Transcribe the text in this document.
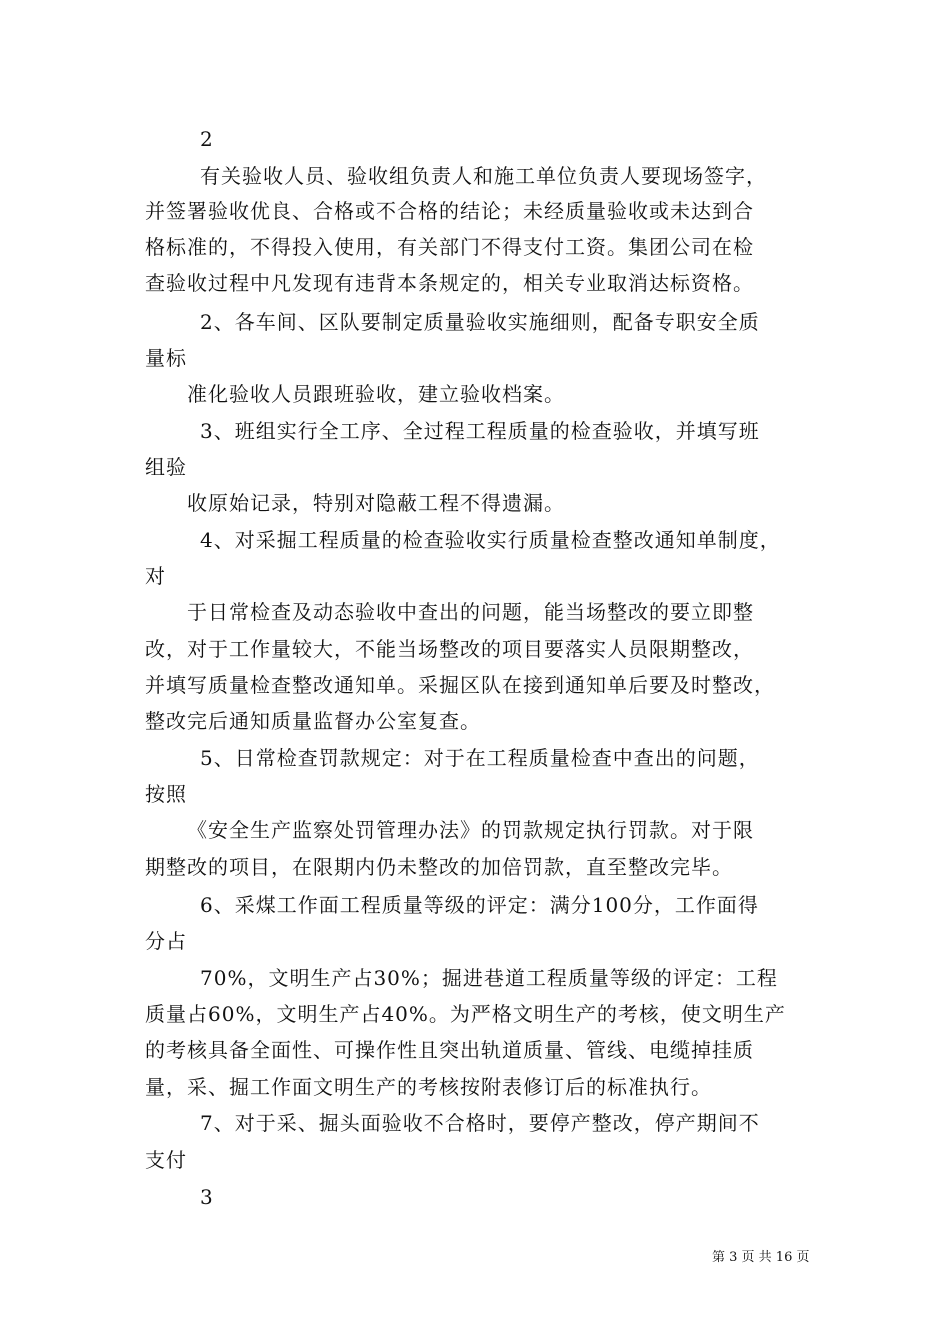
2
有关验收人员、验收组负责人和施工单位负责人要现场签字，
并签署验收优良、合格或不合格的结论；未经质量验收或未达到合
格标准的，不得投入使用，有关部门不得支付工资。集团公司在检
查验收过程中凡发现有违背本条规定的，相关专业取消达标资格。
2、各车间、区队要制定质量验收实施细则，配备专职安全质
量标
准化验收人员跟班验收，建立验收档案。
3、班组实行全工序、全过程工程质量的检查验收，并填写班
组验
收原始记录，特别对隐蔽工程不得遗漏。
4、对采掘工程质量的检查验收实行质量检查整改通知单制度，
对
于日常检查及动态验收中查出的问题，能当场整改的要立即整
改，对于工作量较大，不能当场整改的项目要落实人员限期整改，
并填写质量检查整改通知单。采掘区队在接到通知单后要及时整改，
整改完后通知质量监督办公室复查。
5、日常检查罚款规定：对于在工程质量检查中查出的问题，
按照
《安全生产监察处罚管理办法》的罚款规定执行罚款。对于限
期整改的项目，在限期内仍未整改的加倍罚款，直至整改完毕。
6、采煤工作面工程质量等级的评定：满分100分，工作面得
分占
70%，文明生产占30%；掘进巷道工程质量等级的评定：工程
质量占60%，文明生产占40%。为严格文明生产的考核，使文明生产
的考核具备全面性、可操作性且突出轨道质量、管线、电缆掉挂质
量，采、掘工作面文明生产的考核按附表修订后的标准执行。
7、对于采、掘头面验收不合格时，要停产整改，停产期间不
支付
3
第 3 页 共 16 页
